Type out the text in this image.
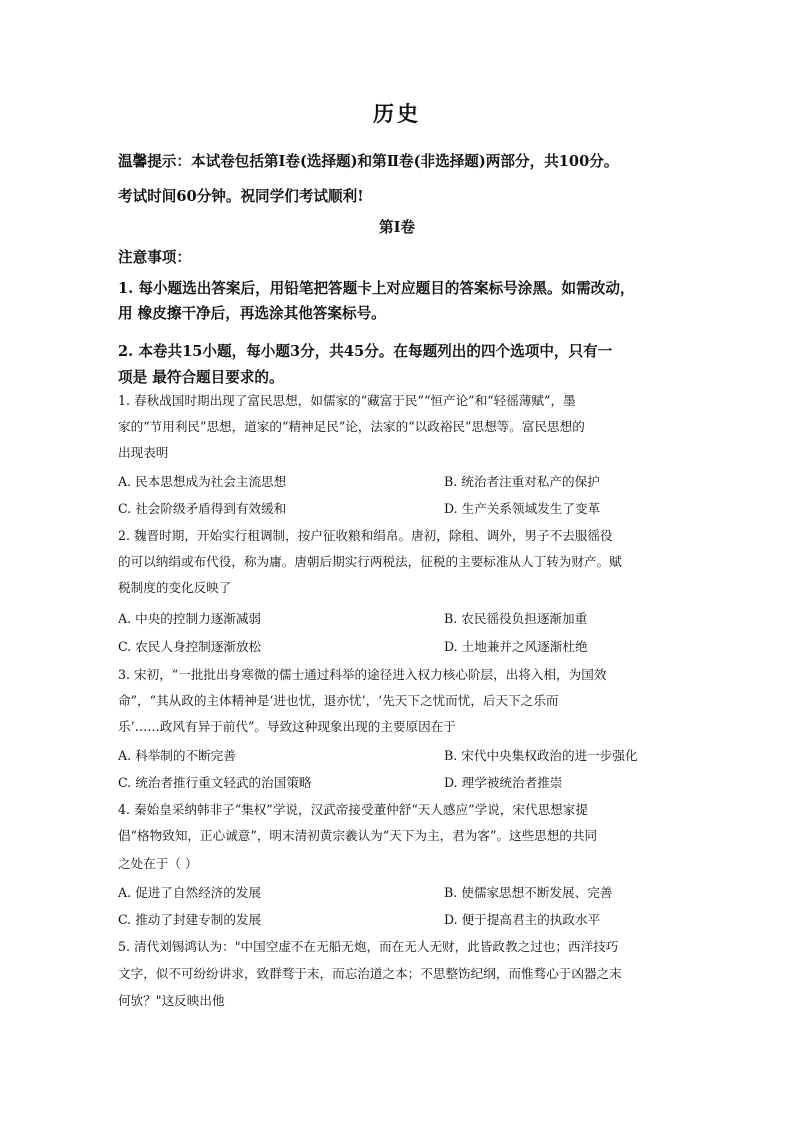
历史
温馨提示：本试卷包括第Ⅰ卷(选择题)和第Ⅱ卷(非选择题)两部分，共100分。
考试时间60分钟。祝同学们考试顺利!
第Ⅰ卷
注意事项：
1. 每小题选出答案后，用铅笔把答题卡上对应题目的答案标号涂黑。如需改动，
用 橡皮擦干净后，再选涂其他答案标号。
2. 本卷共15小题，每小题3分，共45分。在每题列出的四个选项中，只有一
项是 最符合题目要求的。
1. 春秋战国时期出现了富民思想，如儒家的“藏富于民”“恒产论”和“轻徭薄赋”，墨
家的“节用利民”思想，道家的“精神足民”论，法家的“以政裕民”思想等。富民思想的
出现表明
A. 民本思想成为社会主流思想	B. 统治者注重对私产的保护
C. 社会阶级矛盾得到有效缓和	D. 生产关系领域发生了变革
2. 魏晋时期，开始实行租调制，按户征收粮和绢帛。唐初，除租、调外，男子不去服徭役
的可以纳绢或布代役，称为庸。唐朝后期实行两税法，征税的主要标准从人丁转为财产。赋
税制度的变化反映了
A. 中央的控制力逐渐减弱	B. 农民徭役负担逐渐加重
C. 农民人身控制逐渐放松	D. 土地兼并之风逐渐杜绝
3. 宋初，“一批批出身寒微的儒士通过科举的途径进入权力核心阶层，出将入相，为国效
命”，“其从政的主体精神是‘进也忧，退亦忧’，‘先天下之忧而忧，后天下之乐而
乐’……政风有异于前代”。导致这种现象出现的主要原因在于
A. 科举制的不断完善	B. 宋代中央集权政治的进一步强化
C. 统治者推行重文轻武的治国策略	D. 理学被统治者推崇
4. 秦始皇采纳韩非子“集权”学说，汉武帝接受董仲舒“天人感应”学说，宋代思想家提
倡“格物致知，正心诚意”，明末清初黄宗羲认为“天下为主，君为客”。这些思想的共同
之处在于（ ）
A. 促进了自然经济的发展	B. 使儒家思想不断发展、完善
C. 推动了封建专制的发展	D. 便于提高君主的执政水平
5. 清代刘锡鸿认为："中国空虚不在无船无炮，而在无人无财，此皆政教之过也；西洋技巧
文字，似不可纷纷讲求，致群骛于末，而忘治道之本；不思整饬纪纲，而惟骛心于凶器之末
何欤？"这反映出他
